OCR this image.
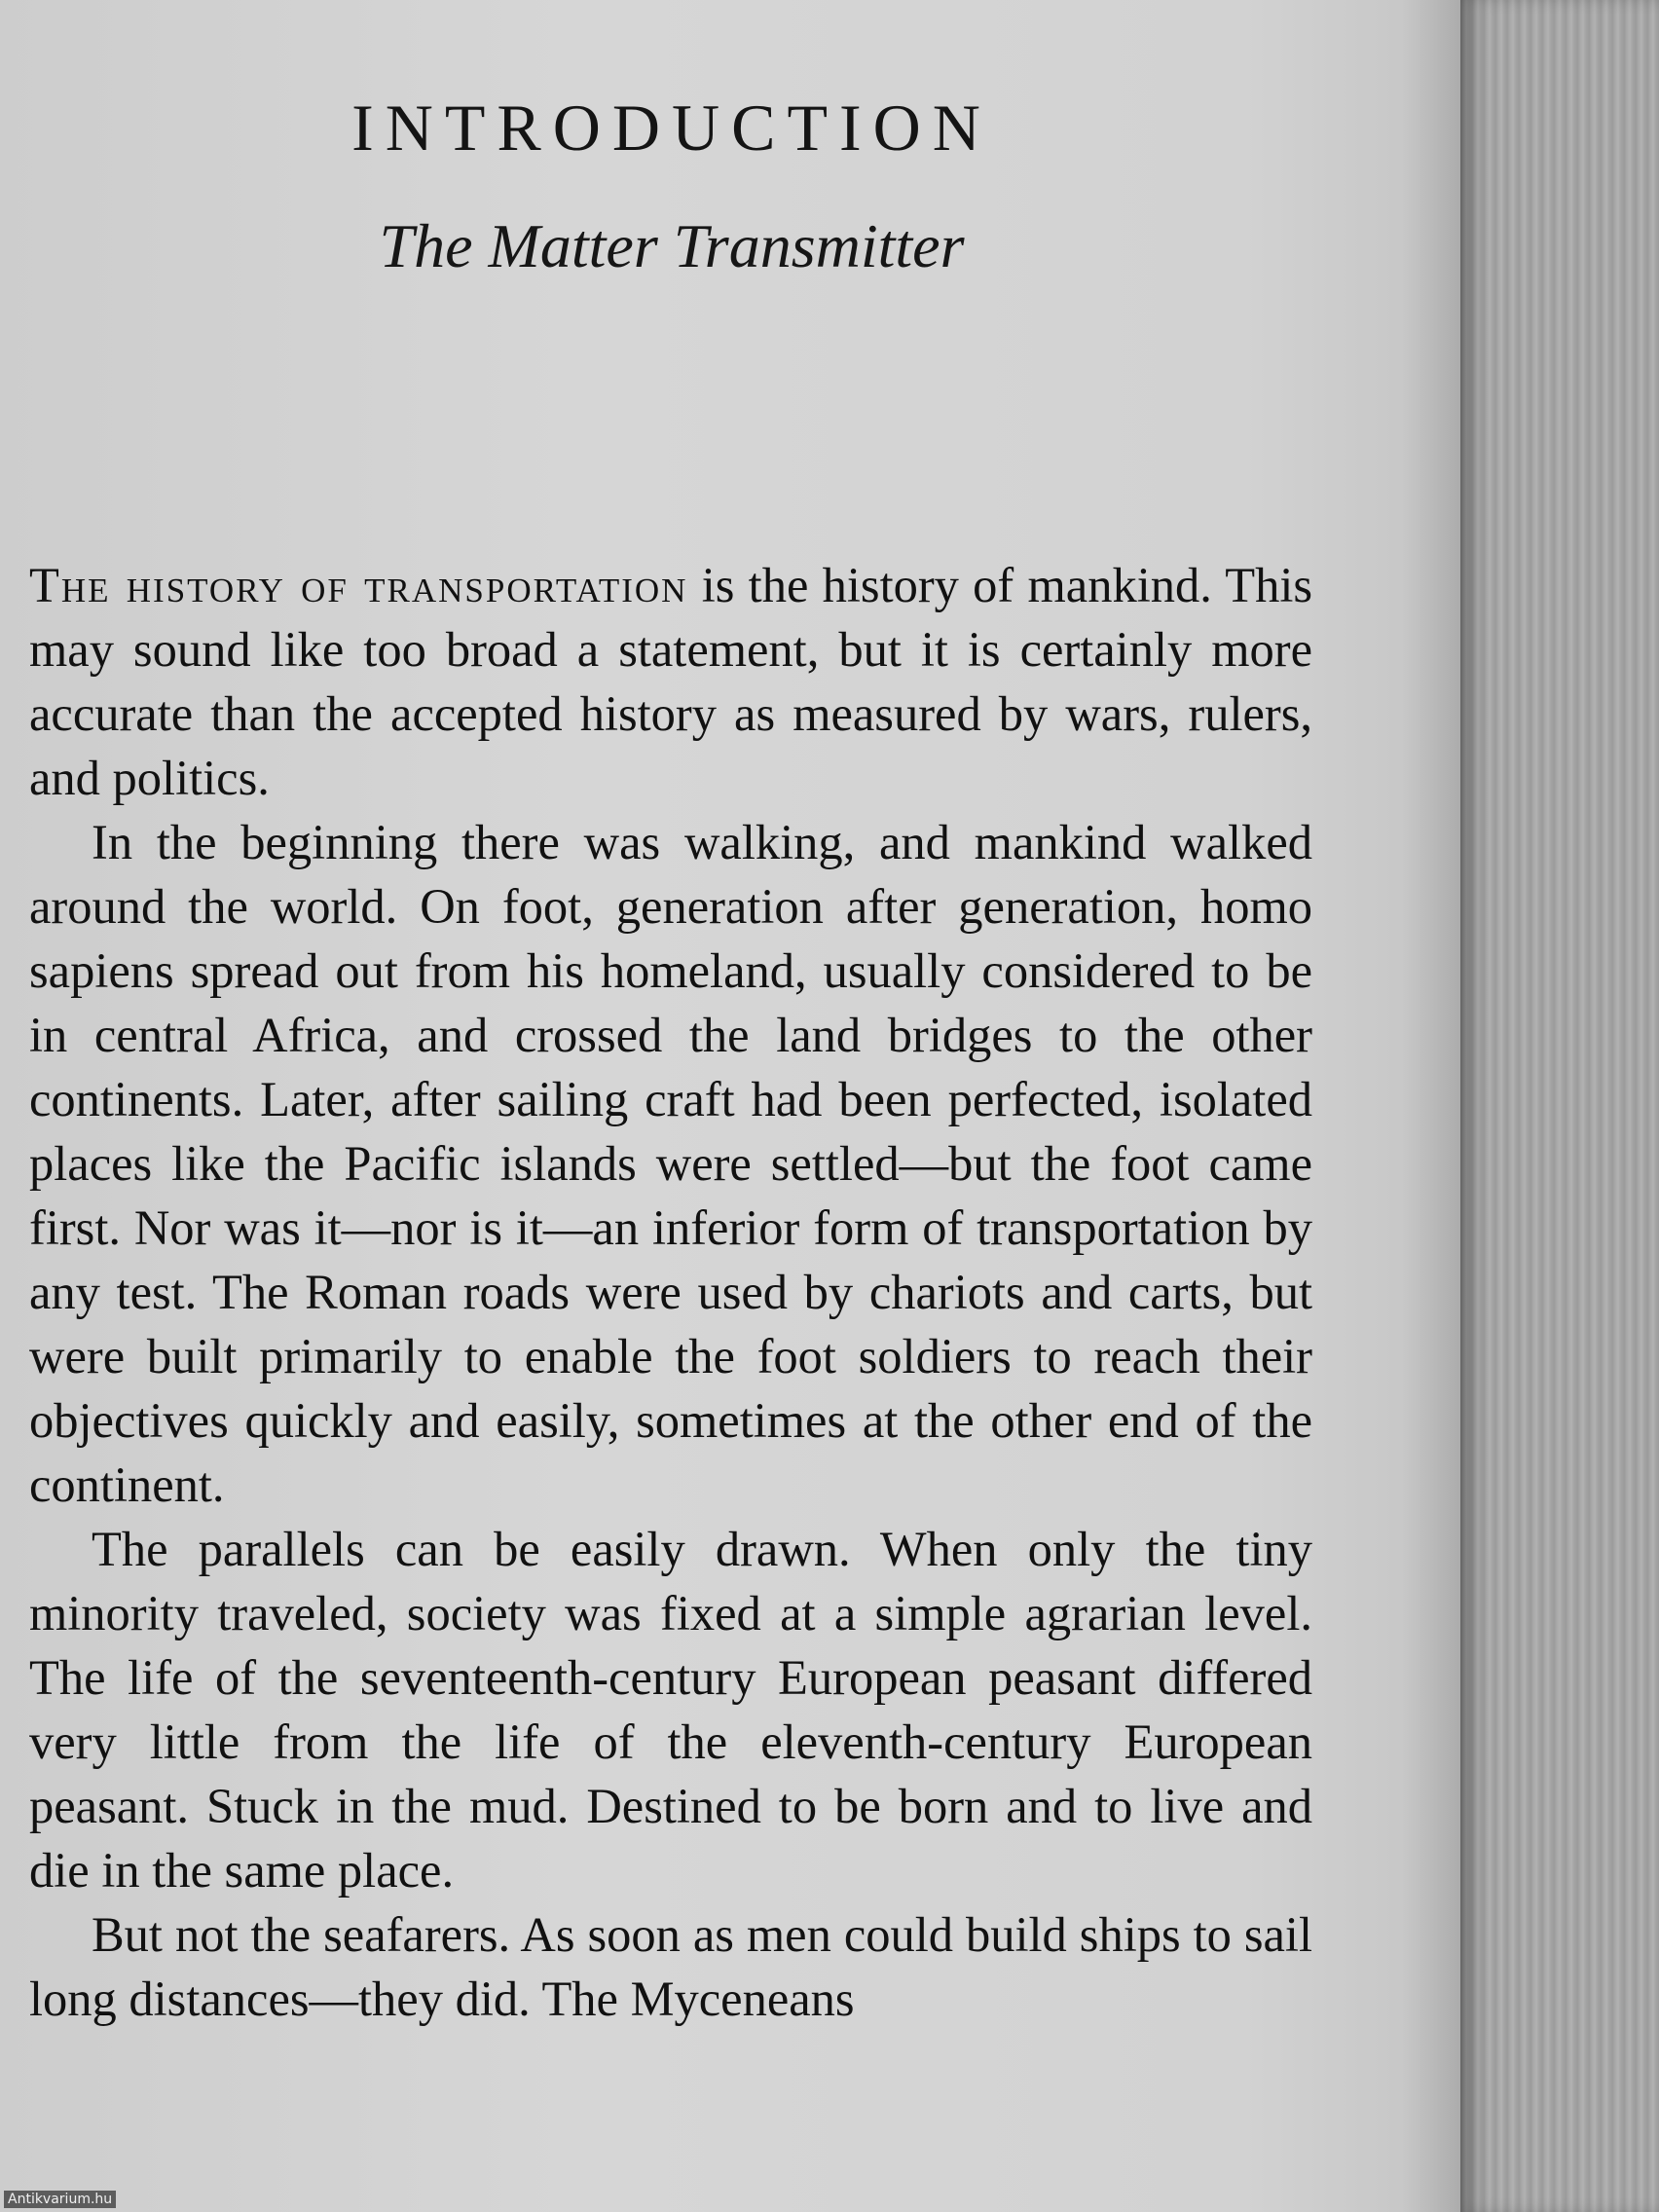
INTRODUCTION
The Matter Transmitter

The history of transportation is the history of mankind. This may sound like too broad a statement, but it is certainly more accurate than the accepted history as measured by wars, rulers, and politics.

In the beginning there was walking, and mankind walked around the world. On foot, generation after generation, homo sapiens spread out from his homeland, usually considered to be in central Africa, and crossed the land bridges to the other continents. Later, after sailing craft had been perfected, isolated places like the Pacific islands were settled—but the foot came first. Nor was it—nor is it—an inferior form of transportation by any test. The Roman roads were used by chariots and carts, but were built primarily to enable the foot soldiers to reach their objectives quickly and easily, sometimes at the other end of the continent.

The parallels can be easily drawn. When only the tiny minority traveled, society was fixed at a simple agrarian level. The life of the seventeenth-century European peasant differed very little from the life of the eleventh-century European peasant. Stuck in the mud. Destined to be born and to live and die in the same place.

But not the seafarers. As soon as men could build ships to sail long distances—they did. The Myceneans

Antikvarium.hu
